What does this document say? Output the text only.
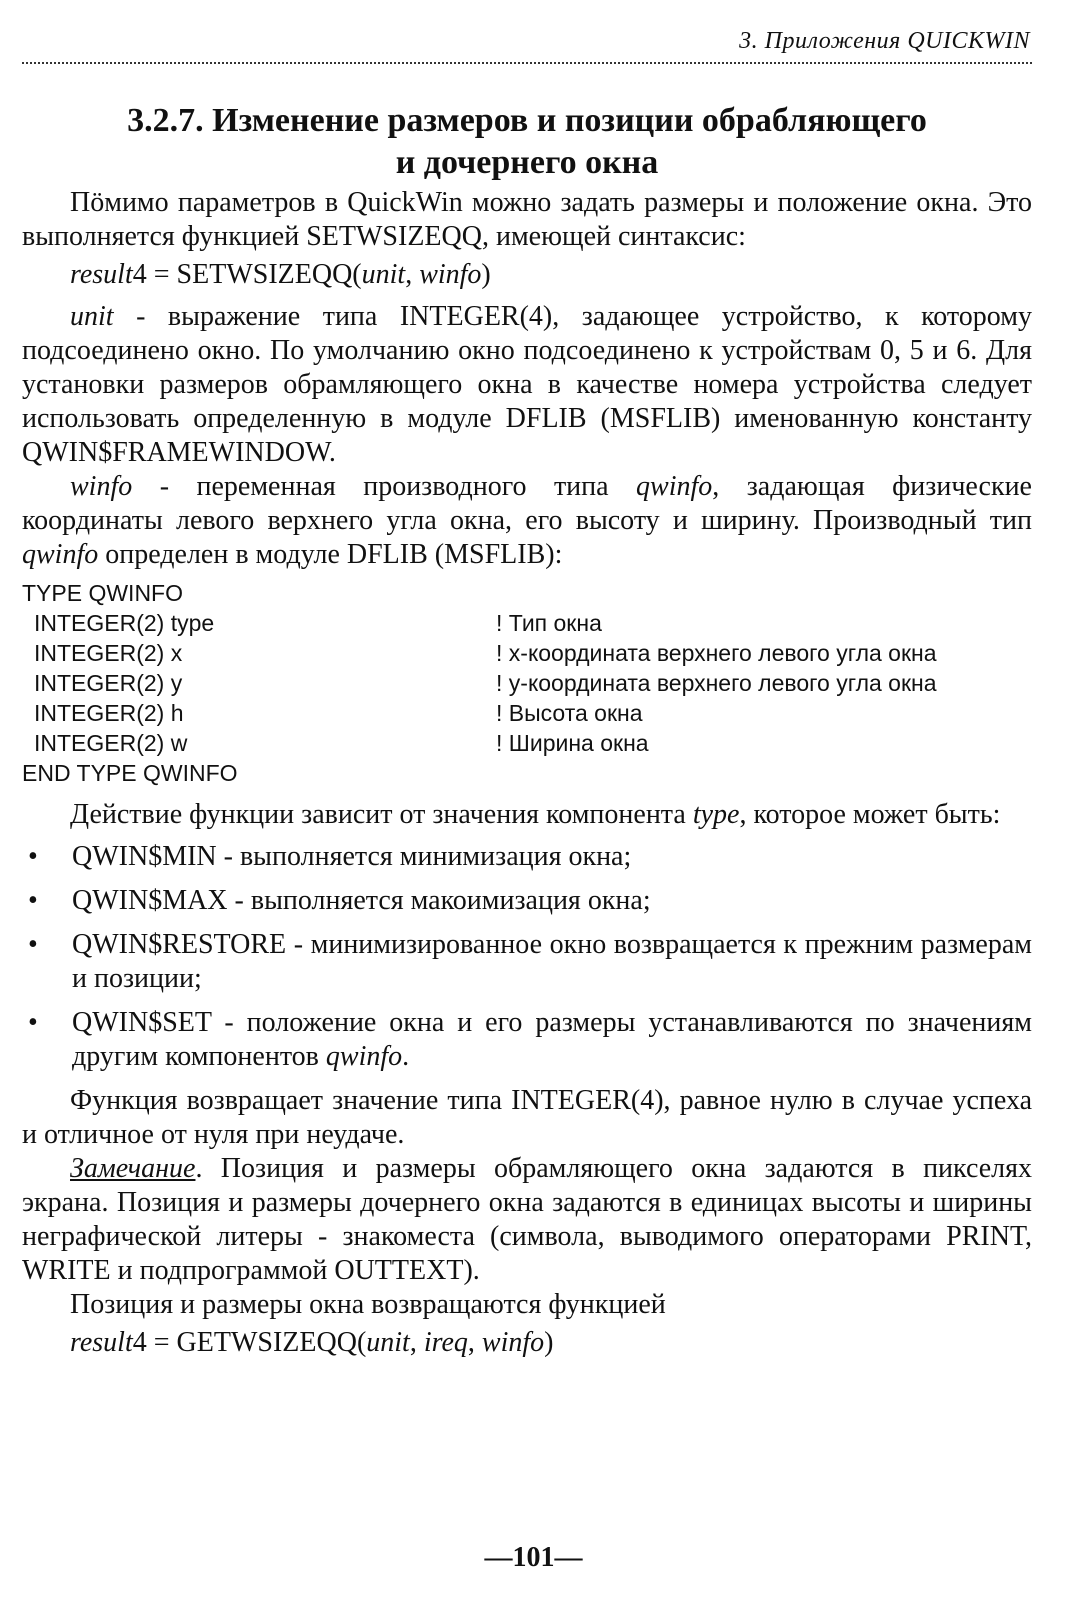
3. Приложения QUICKWIN
3.2.7. Изменение размеров и позиции обрабляющего
и дочернего окна

Пӧмимо параметров в QuickWin можно задать размеры и положение окна. Это выполняется функцией SETWSIZEQQ, имеющей синтаксис:

result4 = SETWSIZEQQ(unit, winfo)

unit - выражение типа INTEGER(4), задающее устройство, к которому подсоединено окно. По умолчанию окно подсоединено к устройствам 0, 5 и 6. Для установки размеров обрамляющего окна в качестве номера устройства следует использовать определенную в модуле DFLIB (MSFLIB) именованную константу QWIN$FRAMEWINDOW.

winfo - переменная производного типа qwinfo, задающая физические координаты левого верхнего угла окна, его высоту и ширину. Производный тип qwinfo определен в модуле DFLIB (MSFLIB):

TYPE QWINFO
INTEGER(2) type	! Тип окна
INTEGER(2) x	! x-координата верхнего левого угла окна
INTEGER(2) y	! y-координата верхнего левого угла окна
INTEGER(2) h	! Высота окна
INTEGER(2) w	! Ширина окна
END TYPE QWINFO

Действие функции зависит от значения компонента type, которое может быть:

• QWIN$MIN - выполняется минимизация окна;
• QWIN$MAX - выполняется макоимизация окна;
• QWIN$RESTORE - минимизированное окно возвращается к прежним размерам и позиции;
• QWIN$SET - положение окна и его размеры устанавливаются по значениям другим компонентов qwinfo.

Функция возвращает значение типа INTEGER(4), равное нулю в случае успеха и отличное от нуля при неудаче.

Замечание. Позиция и размеры обрамляющего окна задаются в пикселях экрана. Позиция и размеры дочернего окна задаются в единицах высоты и ширины неграфической литеры - знакоместа (символа, выводимого операторами PRINT, WRITE и подпрограммой OUTTEXT).

Позиция и размеры окна возвращаются функцией

result4 = GETWSIZEQQ(unit, ireq, winfo)

—101—
